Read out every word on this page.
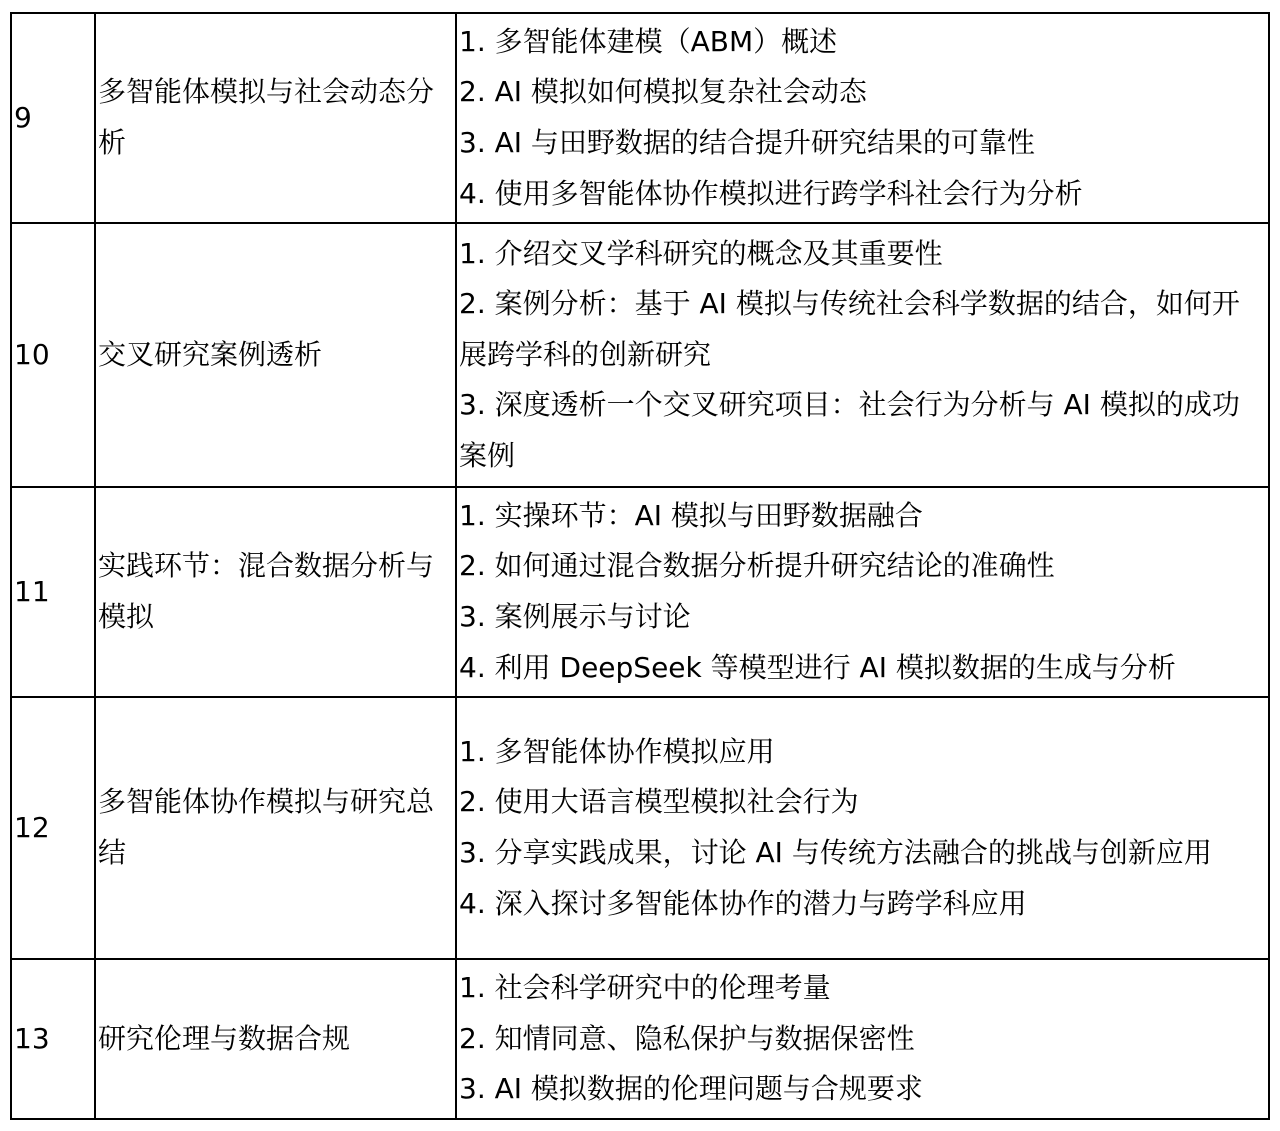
9	多智能体模拟与社会动态分析	1. 多智能体建模（ABM）概述
2. AI 模拟如何模拟复杂社会动态
3. AI 与田野数据的结合提升研究结果的可靠性
4. 使用多智能体协作模拟进行跨学科社会行为分析

10	交叉研究案例透析	1. 介绍交叉学科研究的概念及其重要性
2. 案例分析：基于 AI 模拟与传统社会科学数据的结合，如何开展跨学科的创新研究
3. 深度透析一个交叉研究项目：社会行为分析与 AI 模拟的成功案例

11	实践环节：混合数据分析与模拟	1. 实操环节：AI 模拟与田野数据融合
2. 如何通过混合数据分析提升研究结论的准确性
3. 案例展示与讨论
4. 利用 DeepSeek 等模型进行 AI 模拟数据的生成与分析

12	多智能体协作模拟与研究总结	1. 多智能体协作模拟应用
2. 使用大语言模型模拟社会行为
3. 分享实践成果，讨论 AI 与传统方法融合的挑战与创新应用
4. 深入探讨多智能体协作的潜力与跨学科应用

13	研究伦理与数据合规	1. 社会科学研究中的伦理考量
2. 知情同意、隐私保护与数据保密性
3. AI 模拟数据的伦理问题与合规要求
